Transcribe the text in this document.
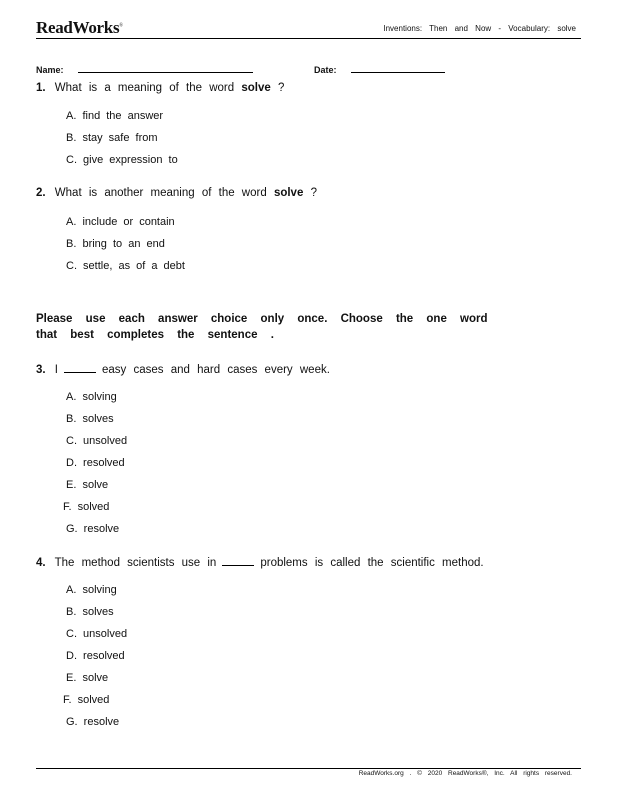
ReadWorks®	Inventions: Then and Now - Vocabulary: solve
Name:	Date:
1. What is a meaning of the word solve ?
A. find the answer
B. stay safe from
C. give expression to
2. What is another meaning of the word solve ?
A. include or contain
B. bring to an end
C. settle, as of a debt
Please use each answer choice only once. Choose the one word that best completes the sentence .
3. I	easy cases and hard cases every week.
A. solving
B. solves
C. unsolved
D. resolved
E. solve
F. solved
G. resolve
4. The method scientists use in	problems is called the scientific method.
A. solving
B. solves
C. unsolved
D. resolved
E. solve
F. solved
G. resolve
ReadWorks.org . © 2020 ReadWorks®, Inc. All rights reserved.
